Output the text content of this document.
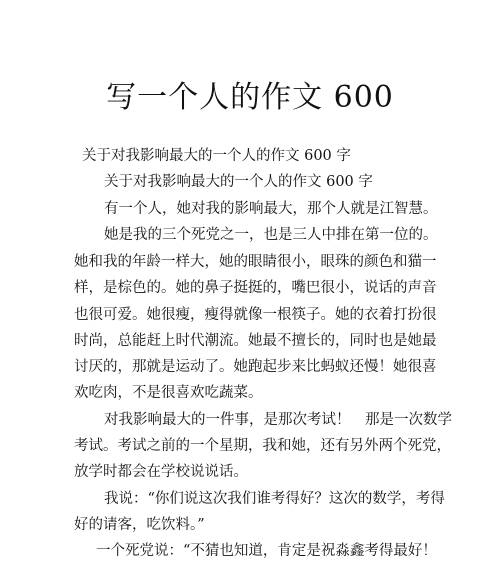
写一个人的作文 600
关于对我影响最大的一个人的作文 600 字
关于对我影响最大的一个人的作文 600 字
有一个人，她对我的影响最大，那个人就是江智慧。
她是我的三个死党之一，也是三人中排在第一位的。
她和我的年龄一样大，她的眼睛很小，眼珠的颜色和猫一
样，是棕色的。她的鼻子挺挺的，嘴巴很小，说话的声音
也很可爱。她很瘦，瘦得就像一根筷子。她的衣着打扮很
时尚，总能赶上时代潮流。她最不擅长的，同时也是她最
讨厌的，那就是运动了。她跑起步来比蚂蚁还慢！她很喜
欢吃肉，不是很喜欢吃蔬菜。
对我影响最大的一件事，是那次考试！　那是一次数学
考试。考试之前的一个星期，我和她，还有另外两个死党，
放学时都会在学校说说话。
我说：“你们说这次我们谁考得好？这次的数学，考得
好的请客，吃饮料。”
一个死党说：“不猜也知道，肯定是祝淼鑫考得最好！
